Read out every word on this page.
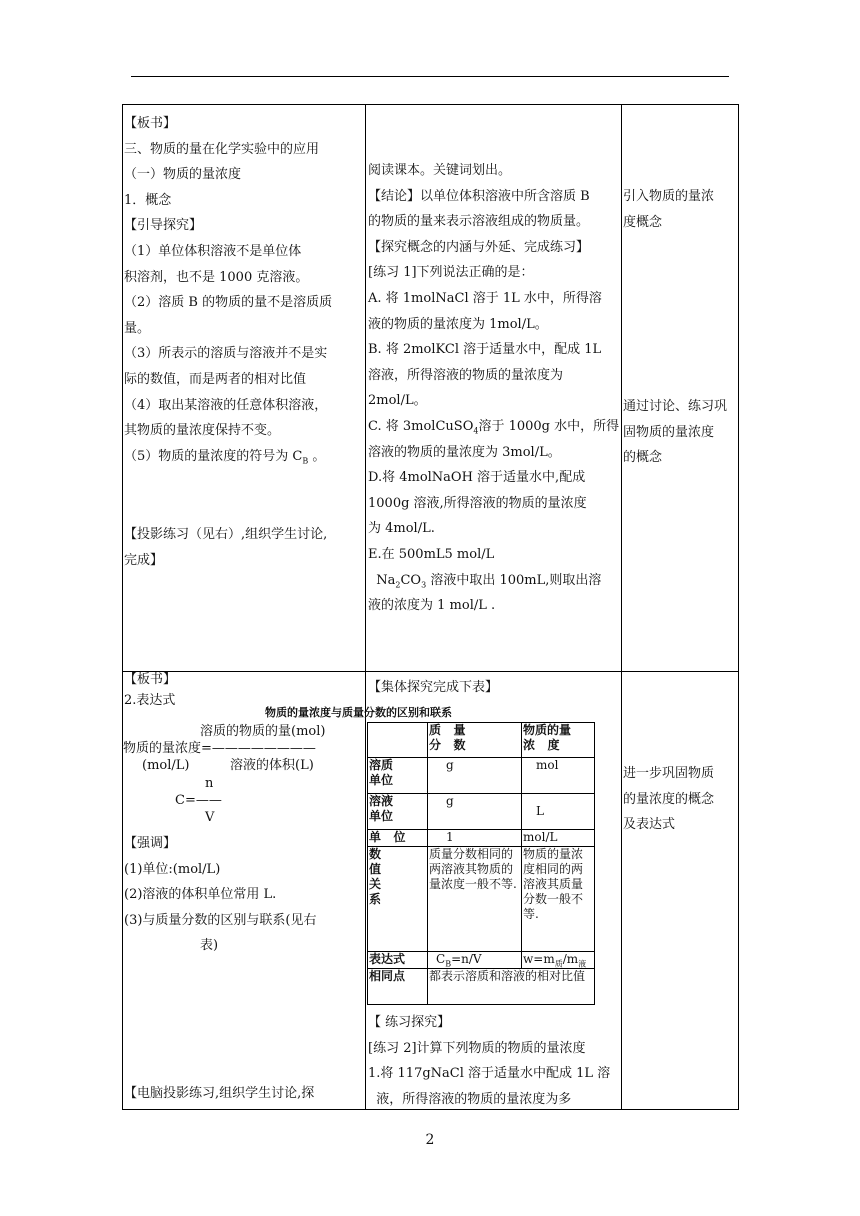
【板书】
三、物质的量在化学实验中的应用
（一）物质的量浓度
1．概念
【引导探究】
（1）单位体积溶液不是单位体
积溶剂，也不是 1000 克溶液。
（2）溶质 B 的物质的量不是溶质质
量。
（3）所表示的溶质与溶液并不是实
际的数值，而是两者的相对比值
（4）取出某溶液的任意体积溶液，
其物质的量浓度保持不变。
（5）物质的量浓度的符号为 $C_B$ 。
【投影练习（见右）,组织学生讨论,
完成】
阅读课本。关键词划出。
【结论】以单位体积溶液中所含溶质 B
的物质的量来表示溶液组成的物质量。
【探究概念的内涵与外延、完成练习】
[练习 1]下列说法正确的是：
A. 将 1molNaCl 溶于 1L 水中，所得溶
液的物质的量浓度为 1mol/L。
B. 将 2molKCl 溶于适量水中，配成 1L
溶液，所得溶液的物质的量浓度为
2mol/L。
C. 将 3molCuSO$_4$溶于 1000g 水中，所得
溶液的物质的量浓度为 3mol/L。
D.将 4molNaOH 溶于适量水中,配成
1000g 溶液,所得溶液的物质的量浓度
为 4mol/L.
E.在 500mL5 mol/L
$Na_2CO_3$ 溶液中取出 100mL,则取出溶
液的浓度为 1 mol/L .
引入物质的量浓
度概念
通过讨论、练习巩
固物质的量浓度
的概念
【板书】
2.表达式
溶质的物质的量(mol)
物质的量浓度=————————
(mol/L)	溶液的体积(L)
n
C=——
V
【强调】
(1)单位:(mol/L)
(2)溶液的体积单位常用 L.
(3)与质量分数的区别与联系(见右
表)
【电脑投影练习,组织学生讨论,探
【集体探究完成下表】
物质的量浓度与质量分数的区别和联系
	质   量
分   数	物质的量
浓   度
溶质
单位	g	mol
溶液
单位	g	L
单   位	1	mol/L
数
值
关
系	质量分数相同的两溶液其物质的量浓度一般不等.	物质的量浓度相同的两溶液其质量分数一般不等.
表达式	$C_B=n/V$	$w=m_质/m_液$
相同点	都表示溶质和溶液的相对比值	
【 练习探究】
[练习 2]计算下列物质的物质的量浓度
1.将 117gNaCl 溶于适量水中配成 1L 溶
液，所得溶液的物质的量浓度为多
进一步巩固物质
的量浓度的概念
及表达式
2
